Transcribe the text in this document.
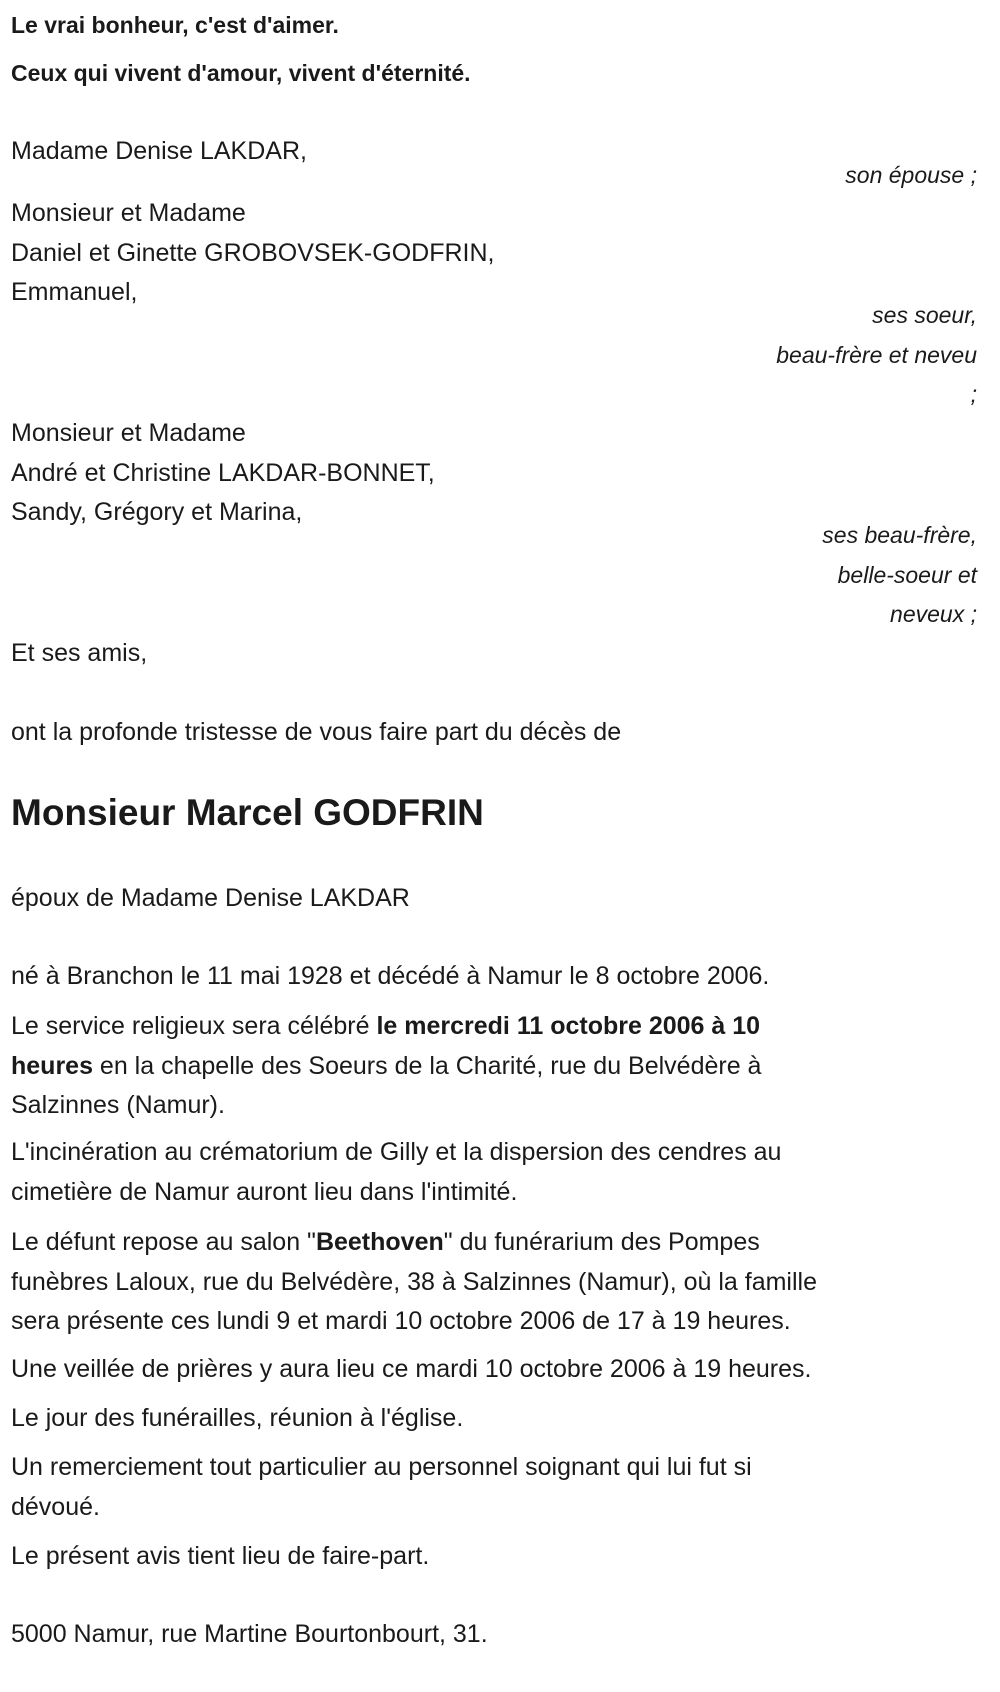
Le vrai bonheur, c'est d'aimer.
Ceux qui vivent d'amour, vivent d'éternité.
Madame Denise LAKDAR,
son épouse ;
Monsieur et Madame
Daniel et Ginette GROBOVSEK-GODFRIN,
Emmanuel,
ses soeur,
beau-frère et neveu
;
Monsieur et Madame
André et Christine LAKDAR-BONNET,
Sandy, Grégory et Marina,
ses beau-frère,
belle-soeur et
neveux ;
Et ses amis,
ont la profonde tristesse de vous faire part du décès de
Monsieur Marcel GODFRIN
époux de Madame Denise LAKDAR
né à Branchon le 11 mai 1928 et décédé à Namur le 8 octobre 2006.
Le service religieux sera célébré le mercredi 11 octobre 2006 à 10
heures en la chapelle des Soeurs de la Charité, rue du Belvédère à
Salzinnes (Namur).
L'incinération au crématorium de Gilly et la dispersion des cendres au
cimetière de Namur auront lieu dans l'intimité.
Le défunt repose au salon "Beethoven" du funérarium des Pompes
funèbres Laloux, rue du Belvédère, 38 à Salzinnes (Namur), où la famille
sera présente ces lundi 9 et mardi 10 octobre 2006 de 17 à 19 heures.
Une veillée de prières y aura lieu ce mardi 10 octobre 2006 à 19 heures.
Le jour des funérailles, réunion à l'église.
Un remerciement tout particulier au personnel soignant qui lui fut si
dévoué.
Le présent avis tient lieu de faire-part.
5000 Namur, rue Martine Bourtonbourt, 31.
